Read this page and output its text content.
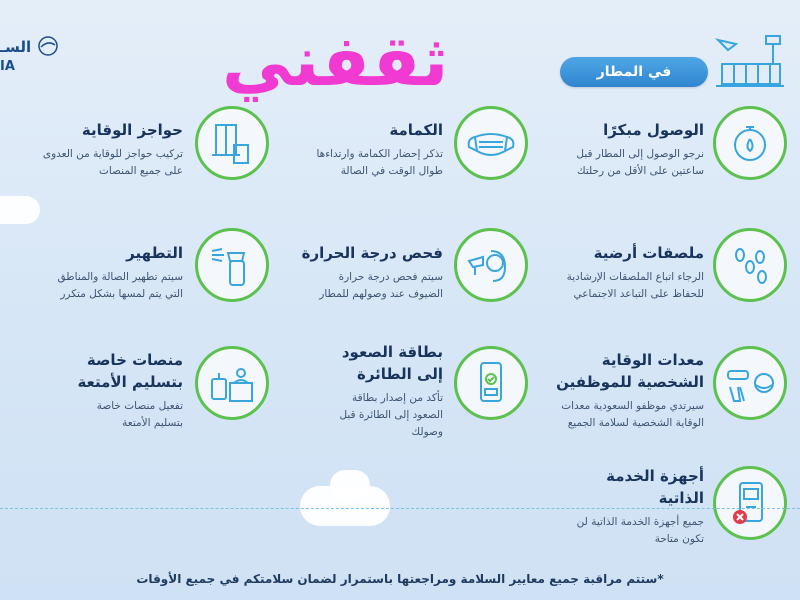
السـ
IA	ثقفني	في المطار
الوصول مبكرًا
نرجو الوصول إلى المطار قبل
ساعتين على الأقل من رحلتك
الكمامة
تذكر إحضار الكمامة وارتداءها
طوال الوقت في الصالة
حواجز الوقاية
تركيب حواجز للوقاية من العدوى
على جميع المنصات
ملصقات أرضية
الرجاء اتباع الملصقات الإرشادية
للحفاظ على التباعد الاجتماعي
فحص درجة الحرارة
سيتم فحص درجة حرارة
الضيوف عند وصولهم للمطار
التطهير
سيتم تطهير الصالة والمناطق
التي يتم لمسها بشكل متكرر
معدات الوقاية
الشخصية للموظفين
سيرتدي موظفو السعودية معدات
الوقاية الشخصية لسلامة الجميع
بطاقة الصعود
إلى الطائرة
تأكد من إصدار بطاقة
الصعود إلى الطائرة قبل
وصولك
منصات خاصة
بتسليم الأمتعة
تفعيل منصات خاصة
بتسليم الأمتعة
أجهزة الخدمة
الذاتية
جميع أجهزة الخدمة الذاتية لن
تكون متاحة
*ستتم مراقبة جميع معايير السلامة ومراجعتها باستمرار لضمان سلامتكم في جميع الأوقات
